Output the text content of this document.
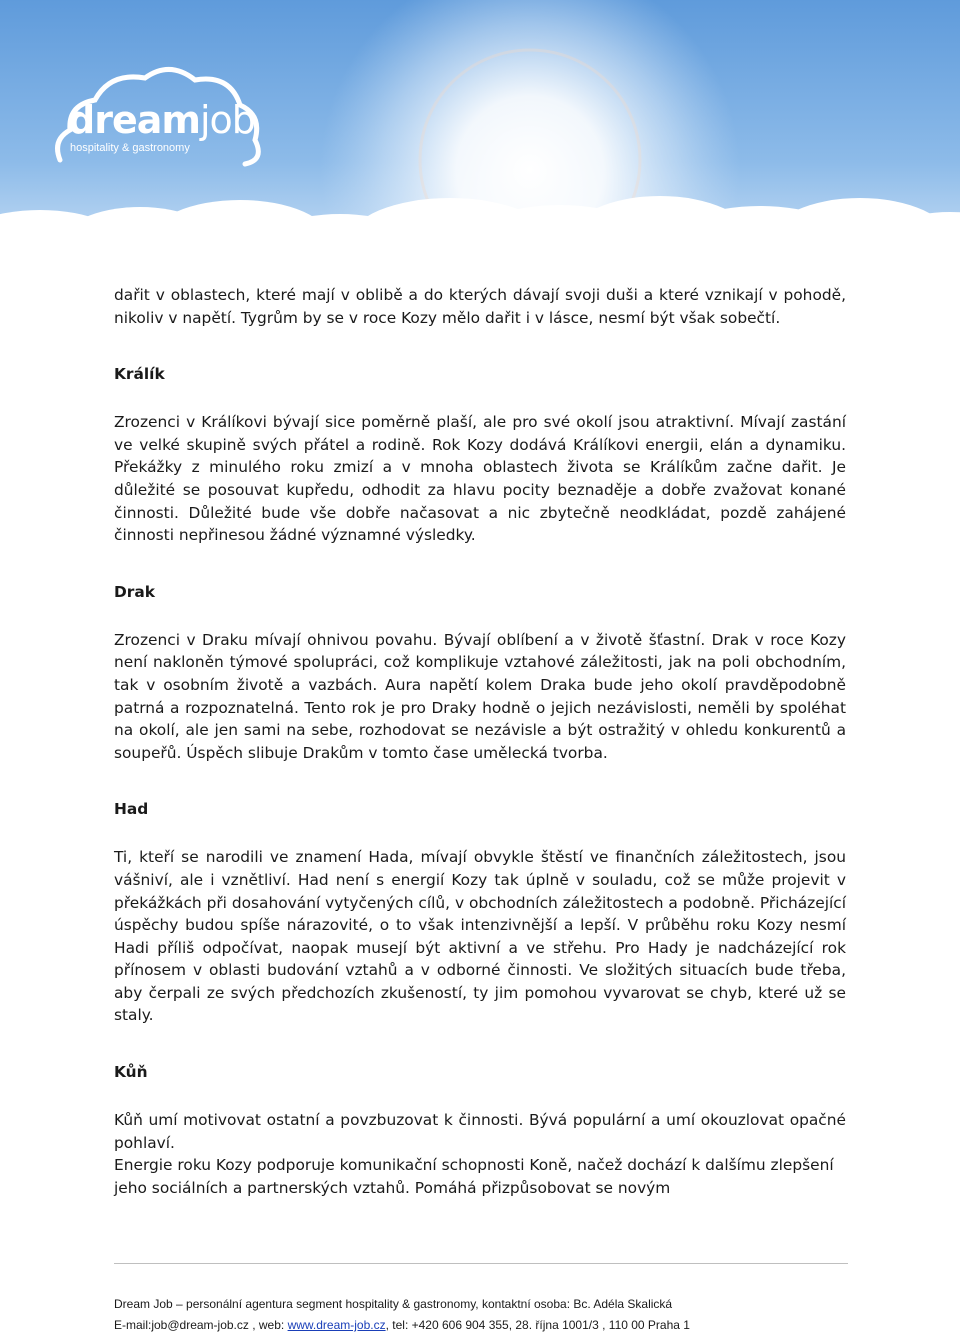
dreamjob
hospitality & gastronomy

dařit v oblastech, které mají v oblibě a do kterých dávají svoji duši a které vznikají v pohodě, nikoliv v napětí. Tygrům by se v roce Kozy mělo dařit i v lásce, nesmí být však sobečtí.

Králík

Zrozenci v Králíkovi bývají sice poměrně plaší, ale pro své okolí jsou atraktivní. Mívají zastání ve velké skupině svých přátel a rodině. Rok Kozy dodává Králíkovi energii, elán a dynamiku. Překážky z minulého roku zmizí a v mnoha oblastech života se Králíkům začne dařit. Je důležité se posouvat kupředu, odhodit za hlavu pocity beznaděje a dobře zvažovat konané činnosti. Důležité bude vše dobře načasovat a nic zbytečně neodkládat, pozdě zahájené činnosti nepřinesou žádné významné výsledky.

Drak

Zrozenci v Draku mívají ohnivou povahu. Bývají oblíbení a v životě šťastní. Drak v roce Kozy není nakloněn týmové spolupráci, což komplikuje vztahové záležitosti, jak na poli obchodním, tak v osobním životě a vazbách. Aura napětí kolem Draka bude jeho okolí pravděpodobně patrná a rozpoznatelná. Tento rok je pro Draky hodně o jejich nezávislosti, neměli by spoléhat na okolí, ale jen sami na sebe, rozhodovat se nezávisle a být ostražitý v ohledu konkurentů a soupeřů. Úspěch slibuje Drakům v tomto čase umělecká tvorba.

Had

Ti, kteří se narodili ve znamení Hada, mívají obvykle štěstí ve finančních záležitostech, jsou vášniví, ale i vznětliví. Had není s energií Kozy tak úplně v souladu, což se může projevit v překážkách při dosahování vytyčených cílů, v obchodních záležitostech a podobně. Přicházející úspěchy budou spíše nárazovité, o to však intenzivnější a lepší. V průběhu roku Kozy nesmí Hadi příliš odpočívat, naopak musejí být aktivní a ve střehu. Pro Hady je nadcházející rok přínosem v oblasti budování vztahů a v odborné činnosti. Ve složitých situacích bude třeba, aby čerpali ze svých předchozích zkušeností, ty jim pomohou vyvarovat se chyb, které už se staly.

Kůň

Kůň umí motivovat ostatní a povzbuzovat k činnosti. Bývá populární a umí okouzlovat opačné pohlaví.

Energie roku Kozy podporuje komunikační schopnosti Koně, načež dochází k dalšímu zlepšení jeho sociálních a partnerských vztahů. Pomáhá přizpůsobovat se novým

Dream Job – personální agentura segment hospitality & gastronomy, kontaktní osoba: Bc. Adéla Skalická
E-mail:job@dream-job.cz , web: www.dream-job.cz, tel: +420 606 904 355, 28. října 1001/3 , 110 00 Praha 1
